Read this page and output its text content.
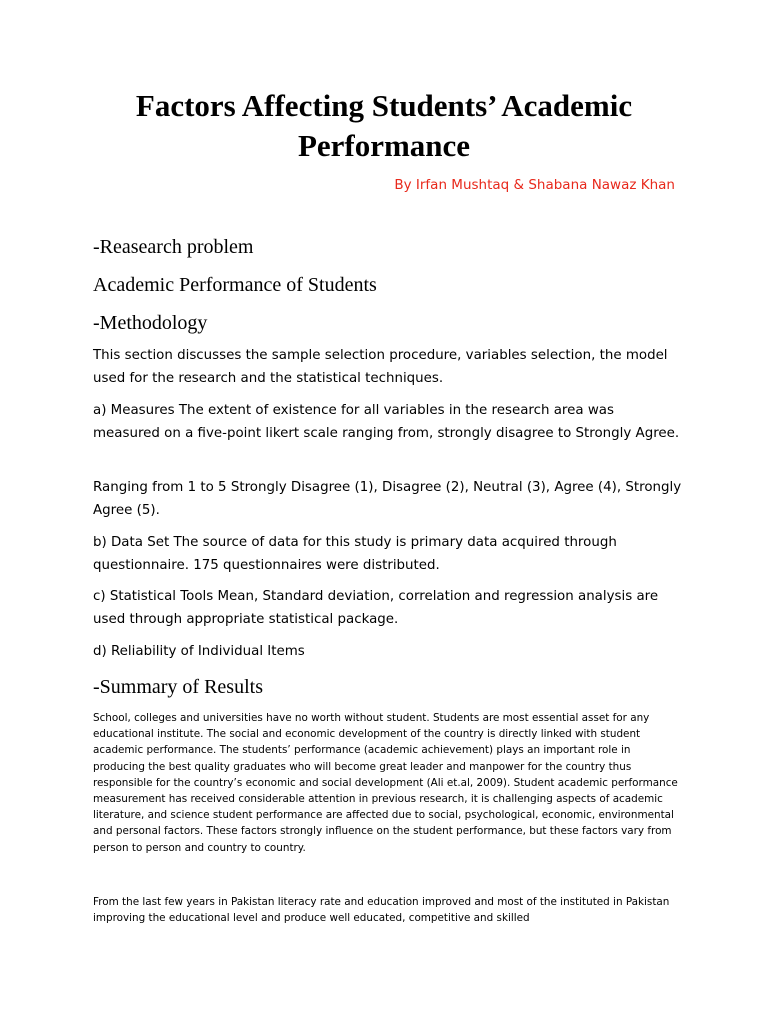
Factors Affecting Students’ Academic
Performance
By Irfan Mushtaq & Shabana Nawaz Khan
-Reasearch problem

Academic Performance of Students

-Methodology

This section discusses the sample selection procedure, variables selection, the model used for the research and the statistical techniques.

a) Measures The extent of existence for all variables in the research area was measured on a five-point likert scale ranging from, strongly disagree to Strongly Agree.

Ranging from 1 to 5 Strongly Disagree (1), Disagree (2), Neutral (3), Agree (4), Strongly Agree (5).

b) Data Set The source of data for this study is primary data acquired through questionnaire. 175 questionnaires were distributed.

c) Statistical Tools Mean, Standard deviation, correlation and regression analysis are used through appropriate statistical package.

d) Reliability of Individual Items

-Summary of Results

School, colleges and universities have no worth without student. Students are most essential asset for any educational institute. The social and economic development of the country is directly linked with student academic performance. The students’ performance (academic achievement) plays an important role in producing the best quality graduates who will become great leader and manpower for the country thus responsible for the country’s economic and social development (Ali et.al, 2009). Student academic performance measurement has received considerable attention in previous research, it is challenging aspects of academic literature, and science student performance are affected due to social, psychological, economic, environmental and personal factors. These factors strongly influence on the student performance, but these factors vary from person to person and country to country.

From the last few years in Pakistan literacy rate and education improved and most of the instituted in Pakistan improving the educational level and produce well educated, competitive and skilled
